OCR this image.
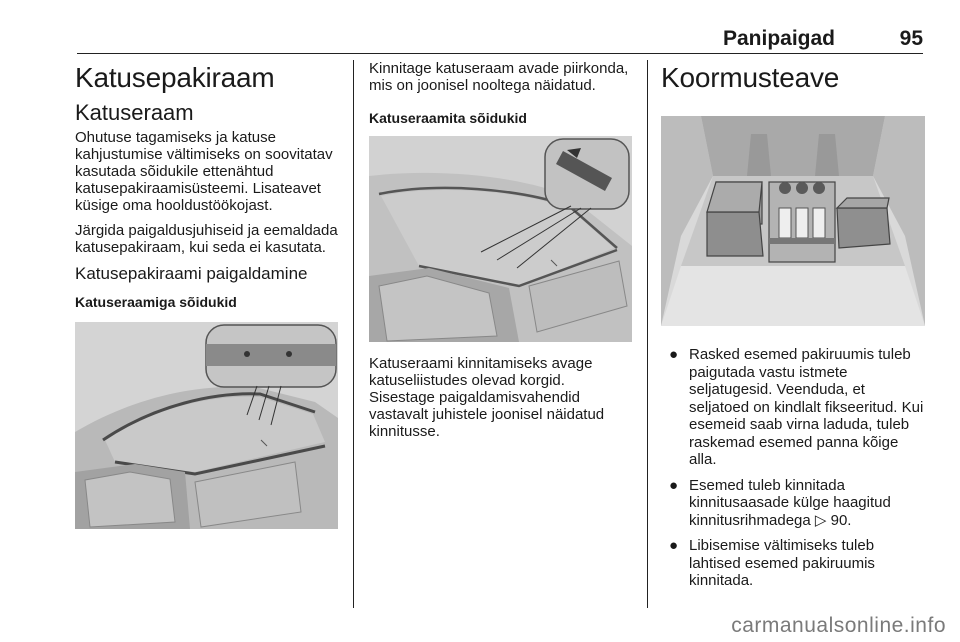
Panipaigad	95
Katusepakiraam
Katuseraam

Ohutuse tagamiseks ja katuse kahjustumise vältimiseks on soovitatav kasutada sõidukile ettenähtud katusepakiraamisüsteemi. Lisateavet küsige oma hooldustöökojast.

Järgida paigaldusjuhiseid ja eemaldada katusepakiraam, kui seda ei kasutata.

Katusepakiraami paigaldamine
Katuseraamiga sõidukid

Kinnitage katuseraam avade piirkonda, mis on joonisel nooltega näidatud.

Katuseraamita sõidukid

Katuseraami kinnitamiseks avage katuseliistudes olevad korgid. Sisestage paigaldamisvahendid vastavalt juhistele joonisel näidatud kinnitusse.

Koormusteave
● Rasked esemed pakiruumis tuleb paigutada vastu istmete seljatugesid. Veenduda, et seljatoed on kindlalt fikseeritud. Kui esemeid saab virna laduda, tuleb raskemad esemed panna kõige alla.
● Esemed tuleb kinnitada kinnitusaasade külge haagitud kinnitusrihmadega ▷ 90.
● Libisemise vältimiseks tuleb lahtised esemed pakiruumis kinnitada.
carmanualsonline.info
